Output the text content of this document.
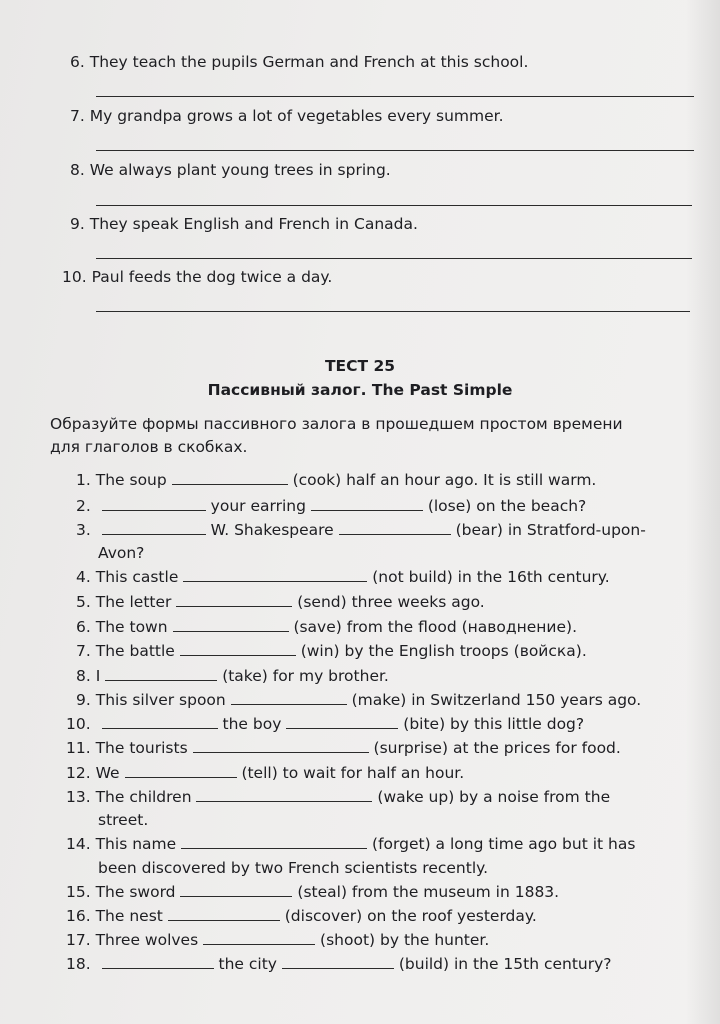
6. They teach the pupils German and French at this school.
7. My grandpa grows a lot of vegetables every summer.
8. We always plant young trees in spring.
9. They speak English and French in Canada.
10. Paul feeds the dog twice a day.
ТЕСТ 25
Пассивный залог. The Past Simple
Образуйте формы пассивного залога в прошедшем простом времени
для глаголов в скобках.
1. The soup	(cook) half an hour ago. It is still warm.
2.	your earring	(lose) on the beach?
3.	W. Shakespeare	(bear) in Stratford-upon-
Avon?
4. This castle	(not build) in the 16th century.
5. The letter	(send) three weeks ago.
6. The town	(save) from the flood (наводнение).
7. The battle	(win) by the English troops (войска).
8. I	(take) for my brother.
9. This silver spoon	(make) in Switzerland 150 years ago.
10.	the boy	(bite) by this little dog?
11. The tourists	(surprise) at the prices for food.
12. We	(tell) to wait for half an hour.
13. The children	(wake up) by a noise from the
street.
14. This name	(forget) a long time ago but it has
been discovered by two French scientists recently.
15. The sword	(steal) from the museum in 1883.
16. The nest	(discover) on the roof yesterday.
17. Three wolves	(shoot) by the hunter.
18.	the city	(build) in the 15th century?
